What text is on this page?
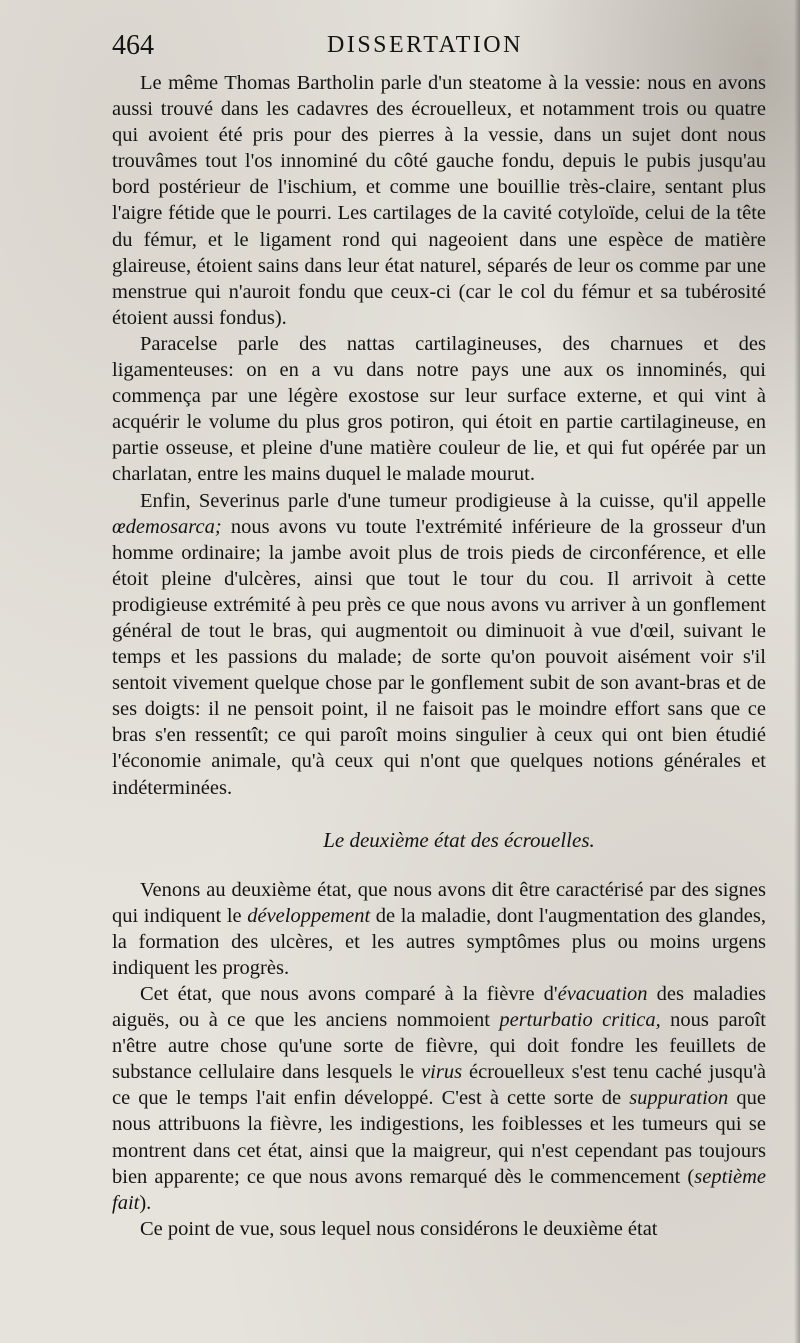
464	DISSERTATION

Le même Thomas Bartholin parle d'un steatome à la vessie: nous en avons aussi trouvé dans les cadavres des écrouelleux, et notamment trois ou quatre qui avoient été pris pour des pierres à la vessie, dans un sujet dont nous trouvâmes tout l'os innominé du côté gauche fondu, depuis le pubis jusqu'au bord postérieur de l'ischium, et comme une bouillie très-claire, sentant plus l'aigre fétide que le pourri. Les cartilages de la cavité cotyloïde, celui de la tête du fémur, et le ligament rond qui nageoient dans une espèce de matière glaireuse, étoient sains dans leur état naturel, séparés de leur os comme par une menstrue qui n'auroit fondu que ceux-ci (car le col du fémur et sa tubérosité étoient aussi fondus).

Paracelse parle des nattas cartilagineuses, des charnues et des ligamenteuses: on en a vu dans notre pays une aux os innominés, qui commença par une légère exostose sur leur surface externe, et qui vint à acquérir le volume du plus gros potiron, qui étoit en partie cartilagineuse, en partie osseuse, et pleine d'une matière couleur de lie, et qui fut opérée par un charlatan, entre les mains duquel le malade mourut.

Enfin, Severinus parle d'une tumeur prodigieuse à la cuisse, qu'il appelle œdemosarca; nous avons vu toute l'extrémité inférieure de la grosseur d'un homme ordinaire; la jambe avoit plus de trois pieds de circonférence, et elle étoit pleine d'ulcères, ainsi que tout le tour du cou. Il arrivoit à cette prodigieuse extrémité à peu près ce que nous avons vu arriver à un gonflement général de tout le bras, qui augmentoit ou diminuoit à vue d'œil, suivant le temps et les passions du malade; de sorte qu'on pouvoit aisément voir s'il sentoit vivement quelque chose par le gonflement subit de son avant-bras et de ses doigts: il ne pensoit point, il ne faisoit pas le moindre effort sans que ce bras s'en ressentît; ce qui paroît moins singulier à ceux qui ont bien étudié l'économie animale, qu'à ceux qui n'ont que quelques notions générales et indéterminées.

Le deuxième état des écrouelles.

Venons au deuxième état, que nous avons dit être caractérisé par des signes qui indiquent le développement de la maladie, dont l'augmentation des glandes, la formation des ulcères, et les autres symptômes plus ou moins urgens indiquent les progrès.

Cet état, que nous avons comparé à la fièvre d'évacuation des maladies aiguës, ou à ce que les anciens nommoient perturbatio critica, nous paroît n'être autre chose qu'une sorte de fièvre, qui doit fondre les feuillets de substance cellulaire dans lesquels le virus écrouelleux s'est tenu caché jusqu'à ce que le temps l'ait enfin développé. C'est à cette sorte de suppuration que nous attribuons la fièvre, les indigestions, les foiblesses et les tumeurs qui se montrent dans cet état, ainsi que la maigreur, qui n'est cependant pas toujours bien apparente; ce que nous avons remarqué dès le commencement (septième fait).

Ce point de vue, sous lequel nous considérons le deuxième état
